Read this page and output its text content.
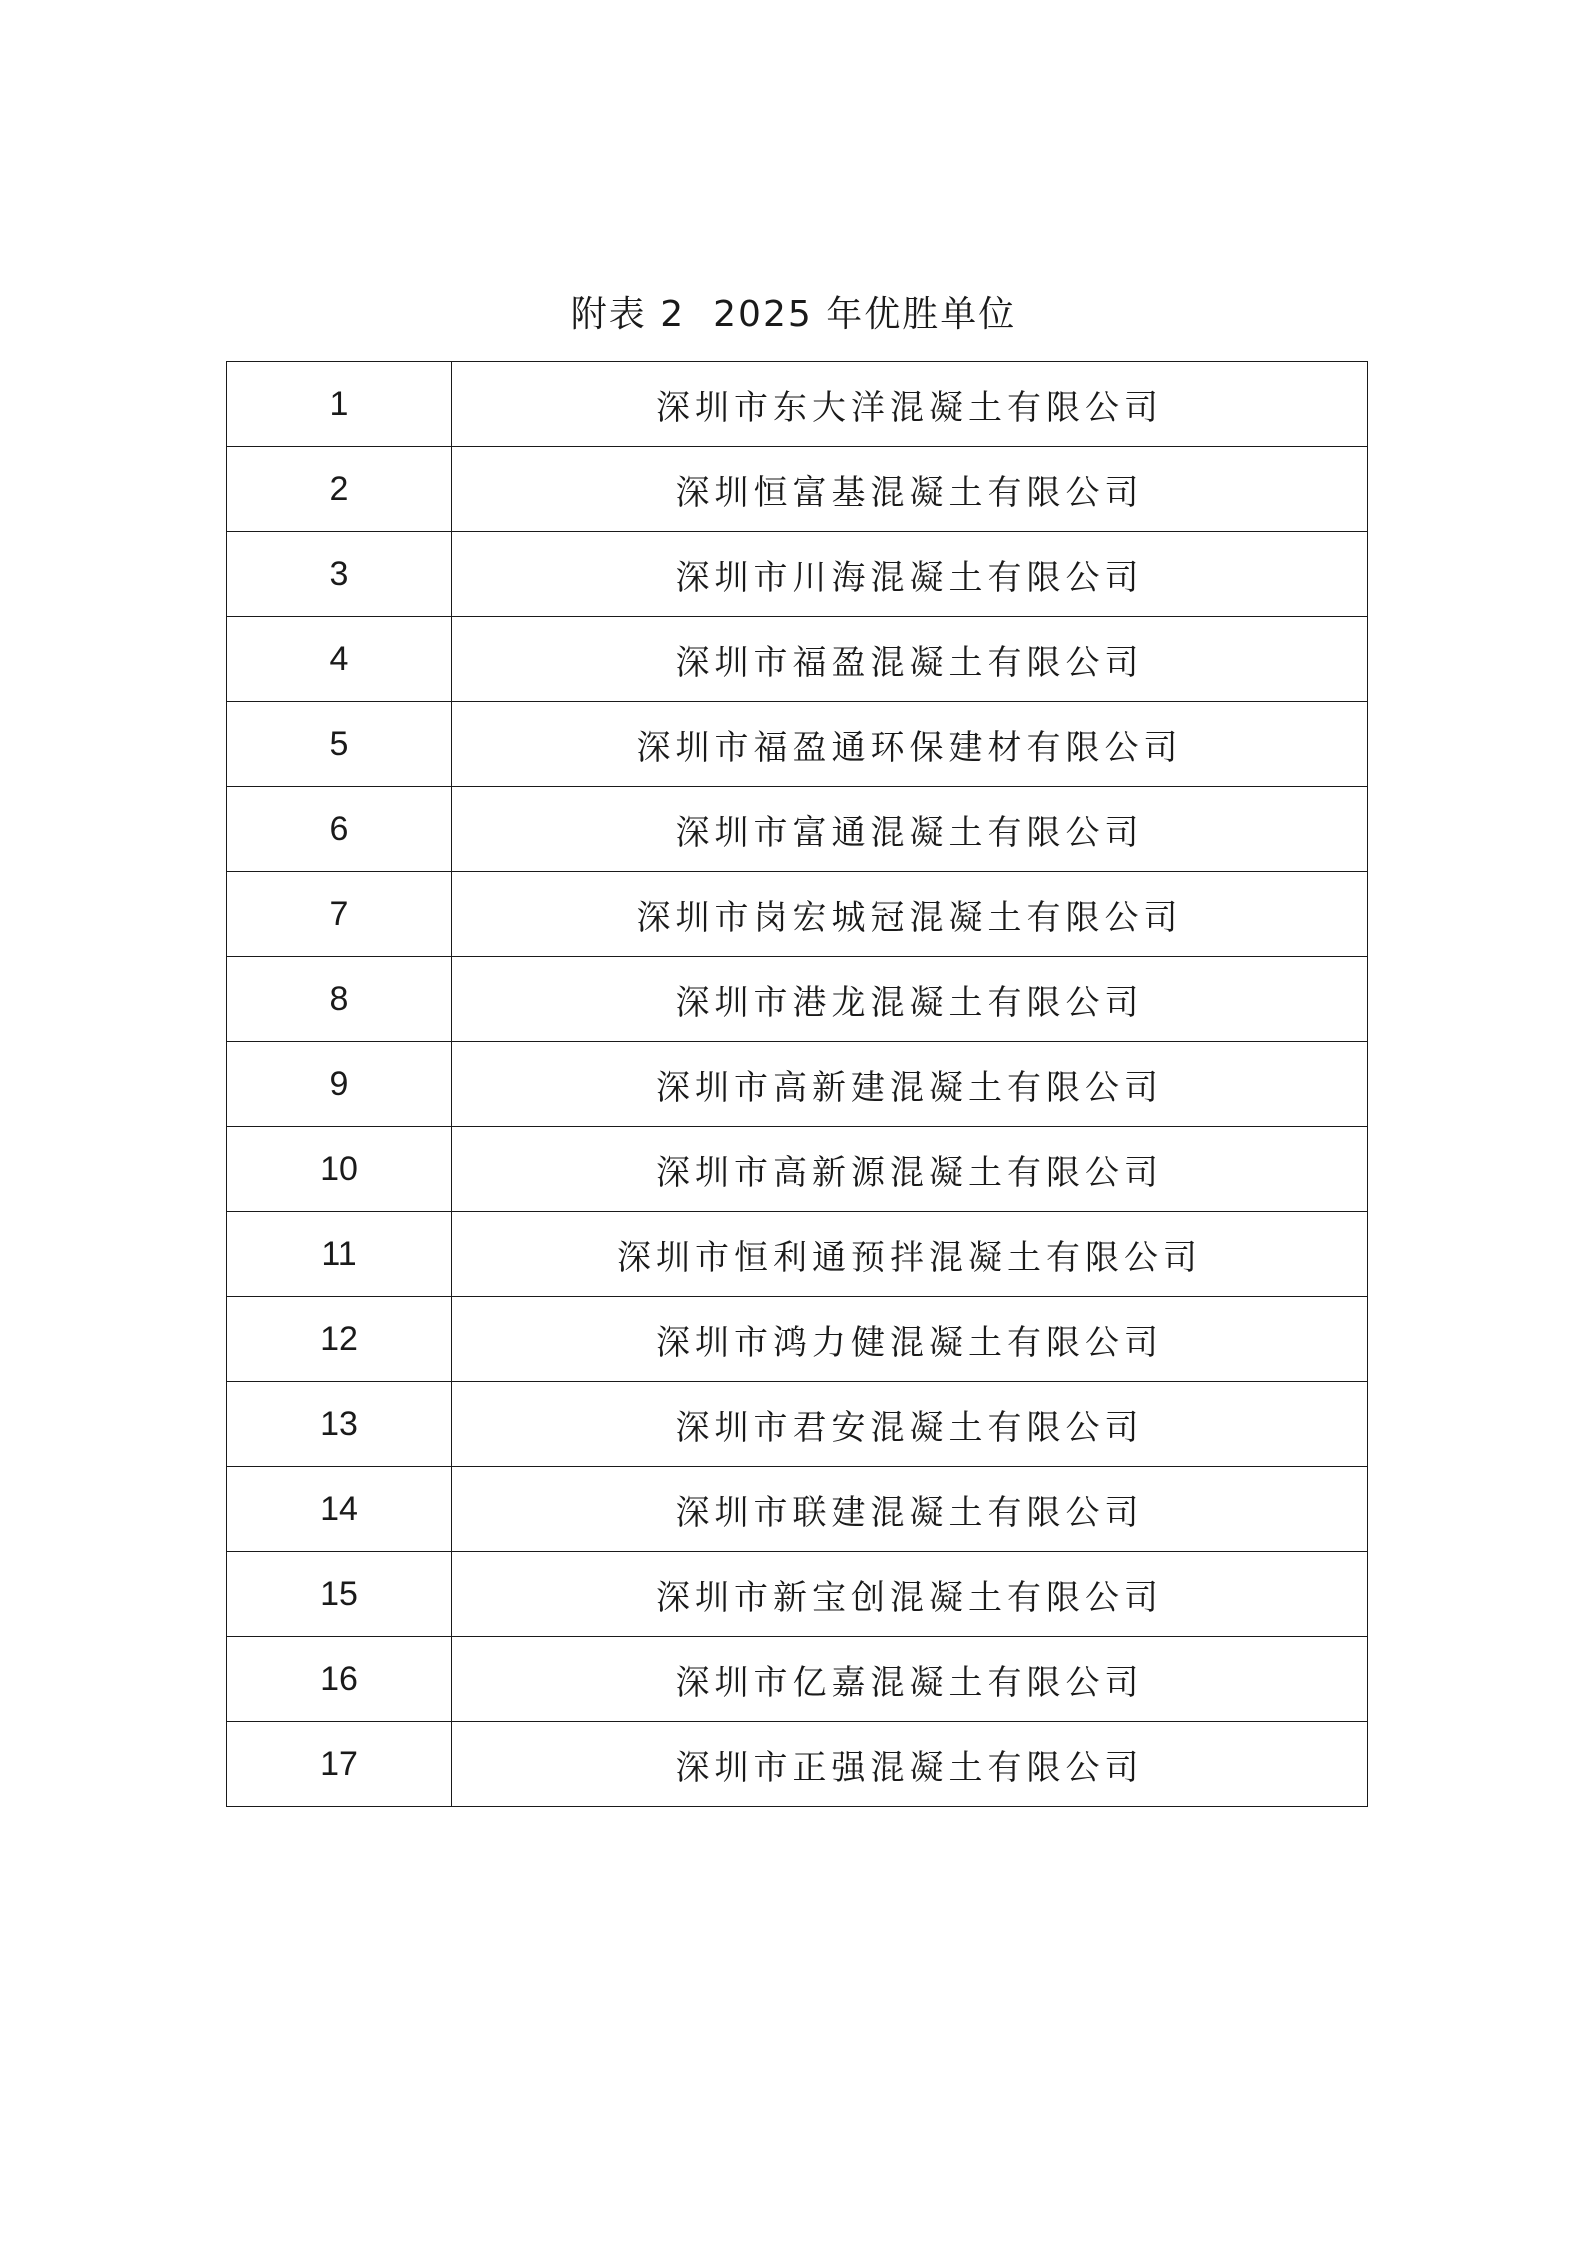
附表 2 2025 年优胜单位
1	深圳市东大洋混凝土有限公司
2	深圳恒富基混凝土有限公司
3	深圳市川海混凝土有限公司
4	深圳市福盈混凝土有限公司
5	深圳市福盈通环保建材有限公司
6	深圳市富通混凝土有限公司
7	深圳市岗宏城冠混凝土有限公司
8	深圳市港龙混凝土有限公司
9	深圳市高新建混凝土有限公司
10	深圳市高新源混凝土有限公司
11	深圳市恒利通预拌混凝土有限公司
12	深圳市鸿力健混凝土有限公司
13	深圳市君安混凝土有限公司
14	深圳市联建混凝土有限公司
15	深圳市新宝创混凝土有限公司
16	深圳市亿嘉混凝土有限公司
17	深圳市正强混凝土有限公司
